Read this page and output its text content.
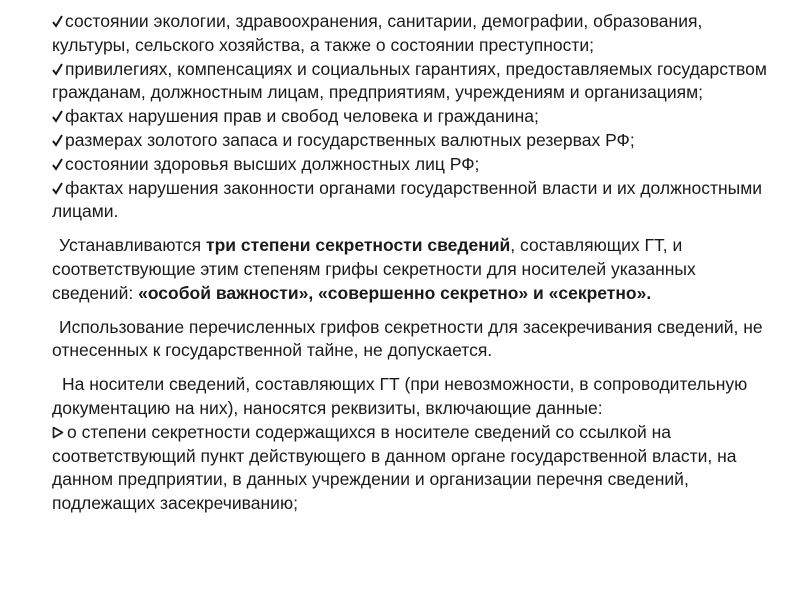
состоянии экологии, здравоохранения, санитарии, демографии, образования, культуры, сельского хозяйства, а также о состоянии преступности;

привилегиях, компенсациях и социальных гарантиях, предоставляемых государством гражданам, должностным лицам, предприятиям, учреждениям и организациям;

фактах нарушения прав и свобод человека и гражданина;

размерах золотого запаса и государственных валютных резервах РФ;

состоянии здоровья высших должностных лиц РФ;

фактах нарушения законности органами государственной власти и их должностными лицами.

Устанавливаются три степени секретности сведений, составляющих ГТ, и соответствующие этим степеням грифы секретности для носителей указанных сведений: «особой важности», «совершенно секретно» и «секретно».

Использование перечисленных грифов секретности для засекречивания сведений, не отнесенных к государственной тайне, не допускается.

На носители сведений, составляющих ГТ (при невозможности, в сопроводительную документацию на них), наносятся реквизиты, включающие данные:

о степени секретности содержащихся в носителе сведений со ссылкой на соответствующий пункт действующего в данном органе государственной власти, на данном предприятии, в данных учреждении и организации перечня сведений, подлежащих засекречиванию;
